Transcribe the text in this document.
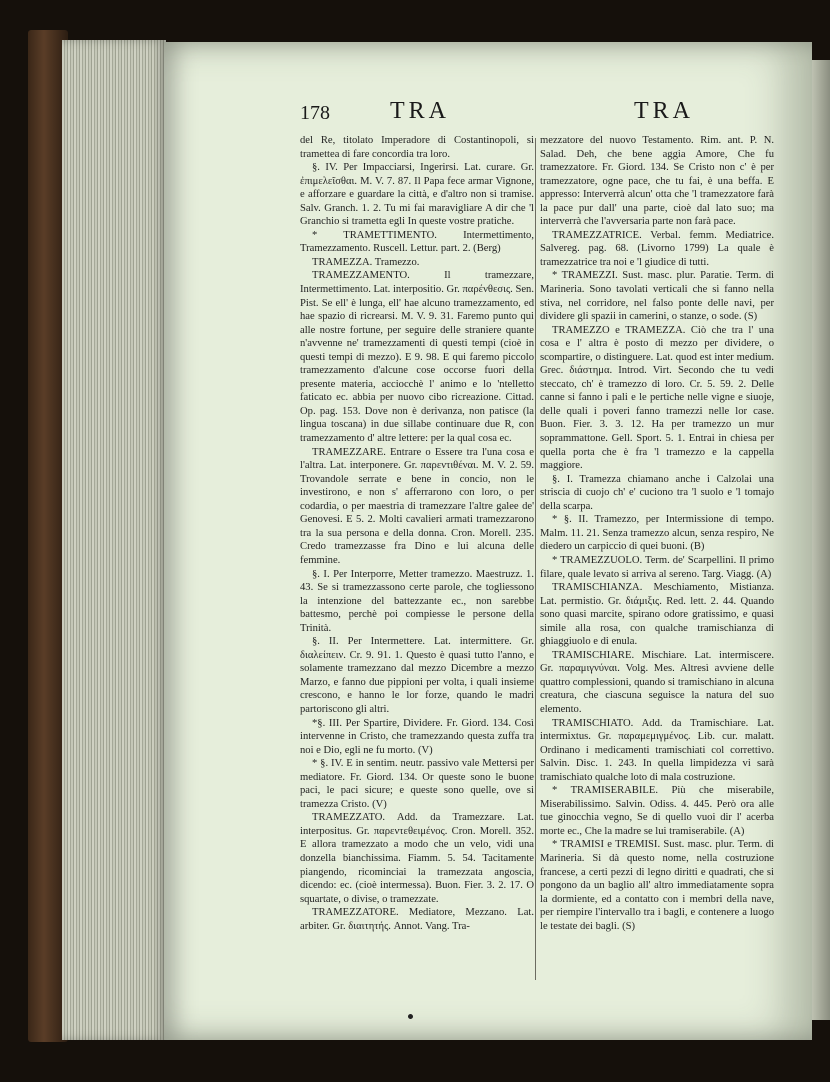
178	TRA	TRA

del Re, titolato Imperadore di Costantinopoli, si tramettea di fare concordia tra loro.

§. IV. Per Impacciarsi, Ingerirsi. Lat. curare. Gr. ἐπιμελεῖσθαι. M. V. 7. 87. Il Papa fece armar Vignone, e afforzare e guardare la città, e d'altro non si tramise. Salv. Granch. 1. 2. Tu mi fai maravigliare A dir che 'l Granchio si trametta egli In queste vostre pratiche.

* TRAMETTIMENTO. Intermettimento, Tramezzamento. Ruscell. Lettur. part. 2. (Berg)

TRAMEZZA. Tramezzo.

TRAMEZZAMENTO. Il tramezzare, Intermettimento. Lat. interpositio. Gr. παρένθεσις. Sen. Pist. Se ell' è lunga, ell' hae alcuno tramezzamento, ed hae spazio di ricrearsi. M. V. 9. 31. Faremo punto qui alle nostre fortune, per seguire delle straniere quante n'avvenne ne' tramezzamenti di questi tempi (cioè in questi tempi di mezzo). E 9. 98. E qui faremo piccolo tramezzamento d'alcune cose occorse fuori della presente materia, acciocchè l' animo e lo 'ntelletto faticato ec. abbia per nuovo cibo ricreazione. Cittad. Op. pag. 153. Dove non è derivanza, non patisce (la lingua toscana) in due sillabe continuare due R, con tramezzamento d' altre lettere: per la qual cosa ec.

TRAMEZZARE. Entrare o Essere tra l'una cosa e l'altra. Lat. interponere. Gr. παρεντιθέναι. M. V. 2. 59. Trovandole serrate e bene in concio, non le investirono, e non s' afferrarono con loro, o per codardia, o per maestria di tramezzare l'altre galee de' Genovesi. E 5. 2. Molti cavalieri armati tramezzarono tra la sua persona e della donna. Cron. Morell. 235. Credo tramezzasse fra Dino e lui alcuna delle femmine.

§. I. Per Interporre, Metter tramezzo. Maestruzz. 1. 43. Se si tramezzassono certe parole, che togliessono la intenzione del battezzante ec., non sarebbe battesmo, perchè poi compiesse le persone della Trinità.

§. II. Per Intermettere. Lat. intermittere. Gr. διαλείπειν. Cr. 9. 91. 1. Questo è quasi tutto l'anno, e solamente tramezzano dal mezzo Dicembre a mezzo Marzo, e fanno due pippioni per volta, i quali insieme crescono, e hanno le lor forze, quando le madri partoriscono gli altri.

*§. III. Per Spartire, Dividere. Fr. Giord. 134. Così intervenne in Cristo, che tramezzando questa zuffa tra noi e Dio, egli ne fu morto. (V)

* §. IV. E in sentim. neutr. passivo vale Mettersi per mediatore. Fr. Giord. 134. Or queste sono le buone paci, le paci sicure; e queste sono quelle, ove si tramezza Cristo. (V)

TRAMEZZATO. Add. da Tramezzare. Lat. interpositus. Gr. παρεντεθειμένος. Cron. Morell. 352. E allora tramezzato a modo che un velo, vidi una donzella bianchissima. Fiamm. 5. 54. Tacitamente piangendo, ricominciai la tramezzata angoscia, dicendo: ec. (cioè intermessa). Buon. Fier. 3. 2. 17. O squartate, o divise, o tramezzate.

TRAMEZZATORE. Mediatore, Mezzano. Lat. arbiter. Gr. διαιτητής. Annot. Vang. Tra-

mezzatore del nuovo Testamento. Rim. ant. P. N. Salad. Deh, che bene aggia Amore, Che fu tramezzatore. Fr. Giord. 134. Se Cristo non c' è per tramezzatore, ogne pace, che tu fai, è una beffa. E appresso: Interverrà alcun' otta che 'l tramezzatore farà la pace pur dall' una parte, cioè dal lato suo; ma interverrà che l'avversaria parte non farà pace.

TRAMEZZATRICE. Verbal. femm. Mediatrice. Salvereg. pag. 68. (Livorno 1799) La quale è tramezzatrice tra noi e 'l giudice di tutti.

* TRAMEZZI. Sust. masc. plur. Paratie. Term. di Marineria. Sono tavolati verticali che si fanno nella stiva, nel corridore, nel falso ponte delle navi, per dividere gli spazii in camerini, o stanze, o sode. (S)

TRAMEZZO e TRAMEZZA. Ciò che tra l' una cosa e l' altra è posto di mezzo per dividere, o scompartire, o distinguere. Lat. quod est inter medium. Grec. διάστημα. Introd. Virt. Secondo che tu vedi steccato, ch' è tramezzo di loro. Cr. 5. 59. 2. Delle canne si fanno i pali e le pertiche nelle vigne e siuoje, delle quali i poveri fanno tramezzi nelle lor case. Buon. Fier. 3. 3. 12. Ha per tramezzo un mur soprammattone. Gell. Sport. 5. 1. Entrai in chiesa per quella porta che è fra 'l tramezzo e la cappella maggiore.

§. I. Tramezza chiamano anche i Calzolai una striscia di cuojo ch' e' cuciono tra 'l suolo e 'l tomajo della scarpa.

* §. II. Tramezzo, per Intermissione di tempo. Malm. 11. 21. Senza tramezzo alcun, senza respiro, Ne diedero un carpiccio di quei buoni. (B)

* TRAMEZZUOLO. Term. de' Scarpellini. Il primo filare, quale levato si arriva al sereno. Targ. Viagg. (A)

TRAMISCHIANZA. Meschiamento, Mistianza. Lat. permistio. Gr. διάμιξις. Red. lett. 2. 44. Quando sono quasi marcite, spirano odore gratissimo, e quasi simile alla rosa, con qualche tramischianza di ghiaggiuolo e di enula.

TRAMISCHIARE. Mischiare. Lat. intermiscere. Gr. παραμιγνύναι. Volg. Mes. Altresì avviene delle quattro complessioni, quando si tramischiano in alcuna creatura, che ciascuna seguisce la natura del suo elemento.

TRAMISCHIATO. Add. da Tramischiare. Lat. intermixtus. Gr. παραμεμιγμένος. Lib. cur. malatt. Ordinano i medicamenti tramischiati col correttivo. Salvin. Disc. 1. 243. In quella limpidezza vi sarà tramischiato qualche loto di mala costruzione.

* TRAMISERABILE. Più che miserabile, Miserabilissimo. Salvin. Odiss. 4. 445. Però ora alle tue ginocchia vegno, Se di quello vuoi dir l' acerba morte ec., Che la madre se lui tramiserabile. (A)

* TRAMISI e TREMISI. Sust. masc. plur. Term. di Marineria. Si dà questo nome, nella costruzione francese, a certi pezzi di legno diritti e quadrati, che si pongono da un baglio all' altro immediatamente sopra la dormiente, ed a contatto con i membri della nave, per riempire l'intervallo tra i bagli, e contenere a luogo le testate dei bagli. (S)
